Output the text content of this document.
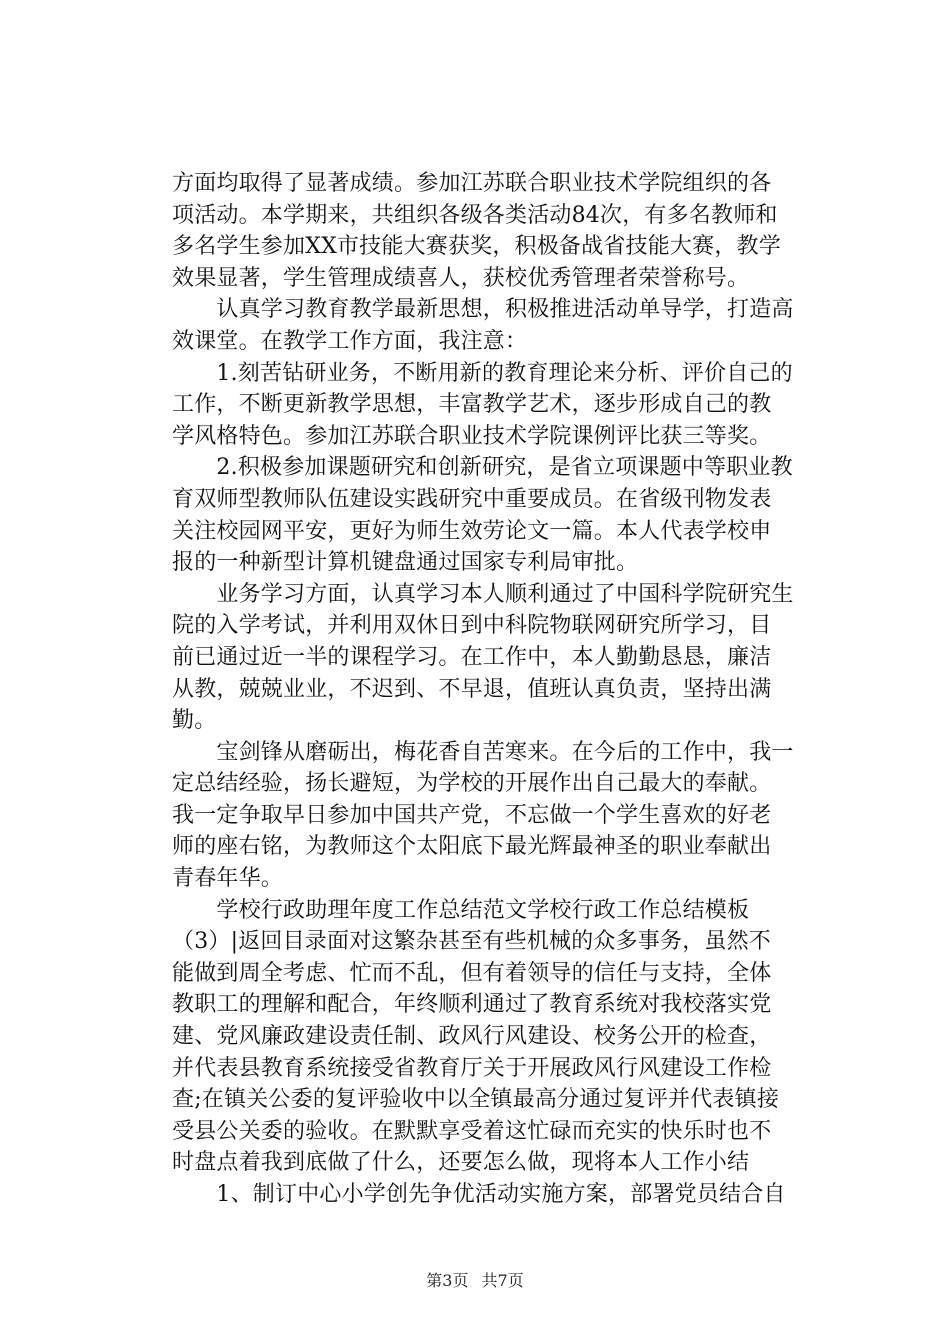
方面均取得了显著成绩。参加江苏联合职业技术学院组织的各
项活动。本学期来，共组织各级各类活动84次，有多名教师和
多名学生参加XX市技能大赛获奖，积极备战省技能大赛，教学
效果显著，学生管理成绩喜人，获校优秀管理者荣誉称号。
　　认真学习教育教学最新思想，积极推进活动单导学，打造高
效课堂。在教学工作方面，我注意：
　　1.刻苦钻研业务，不断用新的教育理论来分析、评价自己的
工作，不断更新教学思想，丰富教学艺术，逐步形成自己的教
学风格特色。参加江苏联合职业技术学院课例评比获三等奖。
　　2.积极参加课题研究和创新研究，是省立项课题中等职业教
育双师型教师队伍建设实践研究中重要成员。在省级刊物发表
关注校园网平安，更好为师生效劳论文一篇。本人代表学校申
报的一种新型计算机键盘通过国家专利局审批。
　　业务学习方面，认真学习本人顺利通过了中国科学院研究生
院的入学考试，并利用双休日到中科院物联网研究所学习，目
前已通过近一半的课程学习。在工作中，本人勤勤恳恳，廉洁
从教，兢兢业业，不迟到、不早退，值班认真负责，坚持出满
勤。
　　宝剑锋从磨砺出，梅花香自苦寒来。在今后的工作中，我一
定总结经验，扬长避短，为学校的开展作出自己最大的奉献。
我一定争取早日参加中国共产党，不忘做一个学生喜欢的好老
师的座右铭，为教师这个太阳底下最光辉最神圣的职业奉献出
青春年华。
　　学校行政助理年度工作总结范文学校行政工作总结模板
（3）|返回目录面对这繁杂甚至有些机械的众多事务，虽然不
能做到周全考虑、忙而不乱，但有着领导的信任与支持，全体
教职工的理解和配合，年终顺利通过了教育系统对我校落实党
建、党风廉政建设责任制、政风行风建设、校务公开的检查，
并代表县教育系统接受省教育厅关于开展政风行风建设工作检
查;在镇关公委的复评验收中以全镇最高分通过复评并代表镇接
受县公关委的验收。在默默享受着这忙碌而充实的快乐时也不
时盘点着我到底做了什么，还要怎么做，现将本人工作小结
　　1、制订中心小学创先争优活动实施方案，部署党员结合自
第3页 共7页
